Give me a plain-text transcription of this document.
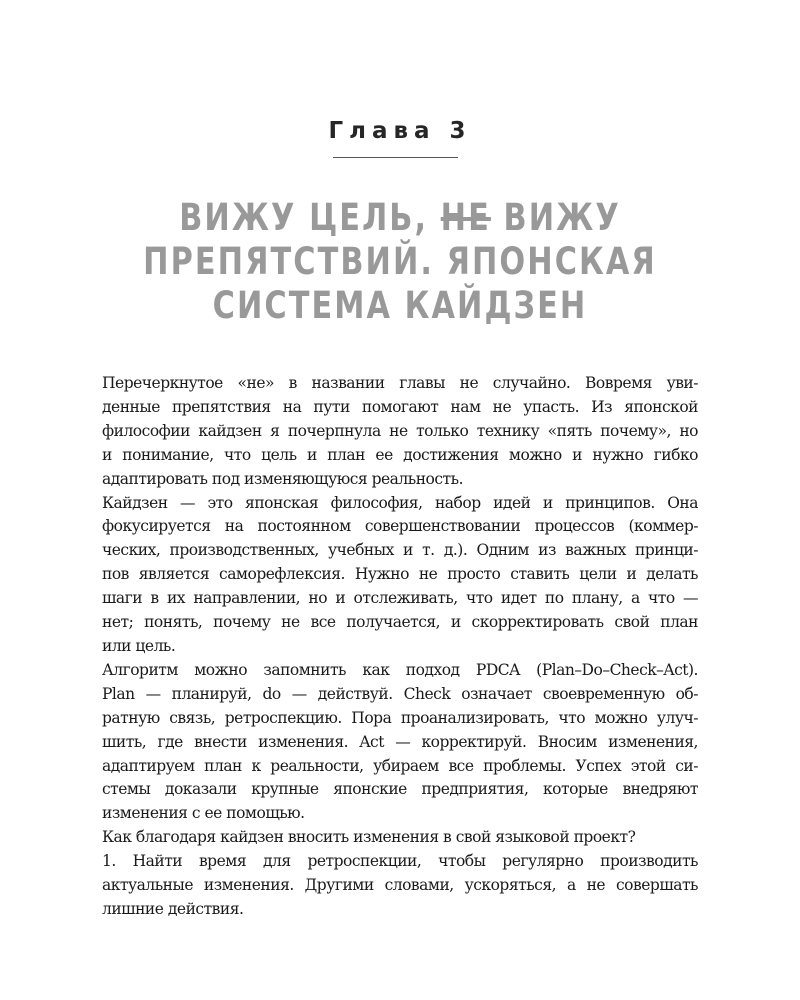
Глава 3
ВИЖУ ЦЕЛЬ, НЕ ВИЖУ
ПРЕПЯТСТВИЙ. ЯПОНСКАЯ
СИСТЕМА КАЙДЗЕН

Перечеркнутое «не» в названии главы не случайно. Вовремя уви-
денные препятствия на пути помогают нам не упасть. Из японской
философии кайдзен я почерпнула не только технику «пять почему», но
и понимание, что цель и план ее достижения можно и нужно гибко
адаптировать под изменяющуюся реальность.

Кайдзен — это японская философия, набор идей и принципов. Она
фокусируется на постоянном совершенствовании процессов (коммер-
ческих, производственных, учебных и т. д.). Одним из важных принци-
пов является саморефлексия. Нужно не просто ставить цели и делать
шаги в их направлении, но и отслеживать, что идет по плану, а что —
нет; понять, почему не все получается, и скорректировать свой план
или цель.

Алгоритм можно запомнить как подход PDCA (Plan–Do–Check–Act).
Plan — планируй, do — действуй. Check означает своевременную об-
ратную связь, ретроспекцию. Пора проанализировать, что можно улуч-
шить, где внести изменения. Act — корректируй. Вносим изменения,
адаптируем план к реальности, убираем все проблемы. Успех этой си-
стемы доказали крупные японские предприятия, которые внедряют
изменения с ее помощью.

Как благодаря кайдзен вносить изменения в свой языковой проект?

1. Найти время для ретроспекции, чтобы регулярно производить
актуальные изменения. Другими словами, ускоряться, а не совершать
лишние действия.
